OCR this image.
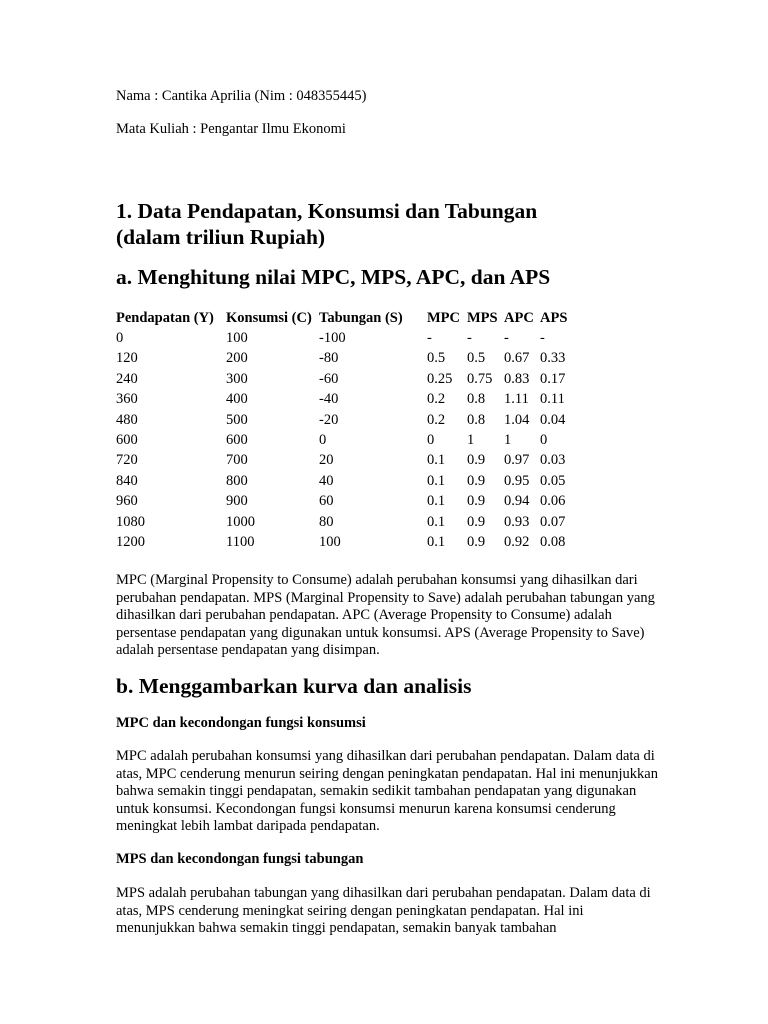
Nama : Cantika Aprilia (Nim : 048355445)

Mata Kuliah : Pengantar Ilmu Ekonomi

1. Data Pendapatan, Konsumsi dan Tabungan
(dalam triliun Rupiah)
a. Menghitung nilai MPC, MPS, APC, dan APS
Pendapatan (Y)	Konsumsi (C)	Tabungan (S)	MPC	MPS	APC	APS
0	100	-100	-	-	-	-
120	200	-80	0.5	0.5	0.67	0.33
240	300	-60	0.25	0.75	0.83	0.17
360	400	-40	0.2	0.8	1.11	0.11
480	500	-20	0.2	0.8	1.04	0.04
600	600	0	0	1	1	0
720	700	20	0.1	0.9	0.97	0.03
840	800	40	0.1	0.9	0.95	0.05
960	900	60	0.1	0.9	0.94	0.06
1080	1000	80	0.1	0.9	0.93	0.07
1200	1100	100	0.1	0.9	0.92	0.08

MPC (Marginal Propensity to Consume) adalah perubahan konsumsi yang dihasilkan dari perubahan pendapatan. MPS (Marginal Propensity to Save) adalah perubahan tabungan yang dihasilkan dari perubahan pendapatan. APC (Average Propensity to Consume) adalah persentase pendapatan yang digunakan untuk konsumsi. APS (Average Propensity to Save) adalah persentase pendapatan yang disimpan.

b. Menggambarkan kurva dan analisis
MPC dan kecondongan fungsi konsumsi

MPC adalah perubahan konsumsi yang dihasilkan dari perubahan pendapatan. Dalam data di atas, MPC cenderung menurun seiring dengan peningkatan pendapatan. Hal ini menunjukkan bahwa semakin tinggi pendapatan, semakin sedikit tambahan pendapatan yang digunakan untuk konsumsi. Kecondongan fungsi konsumsi menurun karena konsumsi cenderung meningkat lebih lambat daripada pendapatan.

MPS dan kecondongan fungsi tabungan

MPS adalah perubahan tabungan yang dihasilkan dari perubahan pendapatan. Dalam data di atas, MPS cenderung meningkat seiring dengan peningkatan pendapatan. Hal ini menunjukkan bahwa semakin tinggi pendapatan, semakin banyak tambahan
